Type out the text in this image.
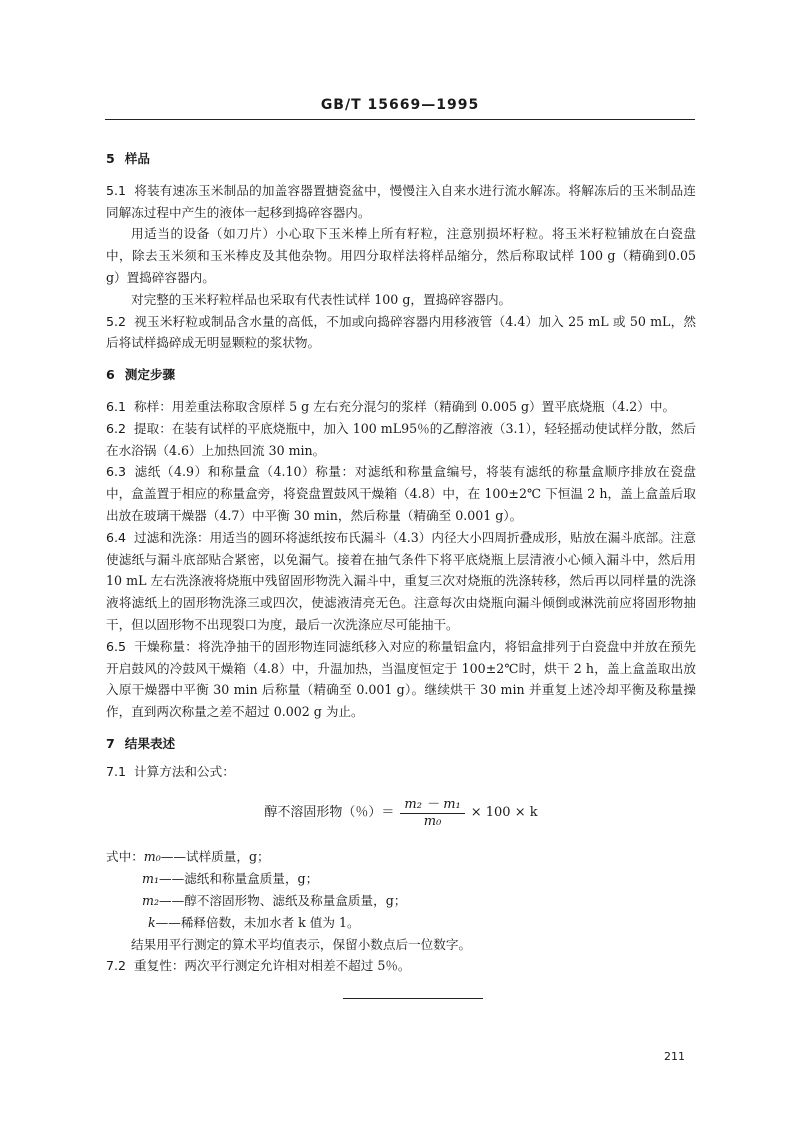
GB/T 15669—1995
5 样品

5.1 将装有速冻玉米制品的加盖容器置搪瓷盆中，慢慢注入自来水进行流水解冻。将解冻后的玉米制品连同解冻过程中产生的液体一起移到捣碎容器内。

用适当的设备（如刀片）小心取下玉米棒上所有籽粒，注意别损坏籽粒。将玉米籽粒铺放在白瓷盘中，除去玉米须和玉米棒皮及其他杂物。用四分取样法将样品缩分，然后称取试样 100 g（精确到0.05 g）置捣碎容器内。

对完整的玉米籽粒样品也采取有代表性试样 100 g，置捣碎容器内。

5.2 视玉米籽粒或制品含水量的高低，不加或向捣碎容器内用移液管（4.4）加入 25 mL 或 50 mL，然后将试样捣碎成无明显颗粒的浆状物。

6 测定步骤

6.1 称样：用差重法称取含原样 5 g 左右充分混匀的浆样（精确到 0.005 g）置平底烧瓶（4.2）中。

6.2 提取：在装有试样的平底烧瓶中，加入 100 mL95％的乙醇溶液（3.1），轻轻摇动使试样分散，然后在水浴锅（4.6）上加热回流 30 min。

6.3 滤纸（4.9）和称量盒（4.10）称量：对滤纸和称量盒编号，将装有滤纸的称量盒顺序排放在瓷盘中，盒盖置于相应的称量盒旁，将瓷盘置鼓风干燥箱（4.8）中，在 100±2℃ 下恒温 2 h，盖上盒盖后取出放在玻璃干燥器（4.7）中平衡 30 min，然后称量（精确至 0.001 g）。

6.4 过滤和洗涤：用适当的圆环将滤纸按布氏漏斗（4.3）内径大小四周折叠成形，贴放在漏斗底部。注意使滤纸与漏斗底部贴合紧密，以免漏气。接着在抽气条件下将平底烧瓶上层清液小心倾入漏斗中，然后用 10 mL 左右洗涤液将烧瓶中残留固形物洗入漏斗中，重复三次对烧瓶的洗涤转移，然后再以同样量的洗涤液将滤纸上的固形物洗涤三或四次，使滤液清亮无色。注意每次由烧瓶向漏斗倾倒或淋洗前应将固形物抽干，但以固形物不出现裂口为度，最后一次洗涤应尽可能抽干。

6.5 干燥称量：将洗净抽干的固形物连同滤纸移入对应的称量铝盒内，将铝盒排列于白瓷盘中并放在预先开启鼓风的冷鼓风干燥箱（4.8）中，升温加热，当温度恒定于 100±2℃时，烘干 2 h，盖上盒盖取出放入原干燥器中平衡 30 min 后称量（精确至 0.001 g）。继续烘干 30 min 并重复上述冷却平衡及称量操作，直到两次称量之差不超过 0.002 g 为止。

7 结果表述

7.1 计算方法和公式：

醇不溶固形物（％）＝ $\frac{\text{m₂ － m₁}}{\text{m₀}} \times 100 \times k$
式中： m₀ ——试样质量，g；
m₁ ——滤纸和称量盒质量，g；
m₂ ——醇不溶固形物、滤纸及称量盒质量，g；
k ——稀释倍数，未加水者 k 值为 1。

结果用平行测定的算术平均值表示，保留小数点后一位数字。

7.2 重复性：两次平行测定允许相对相差不超过 5％。

211
